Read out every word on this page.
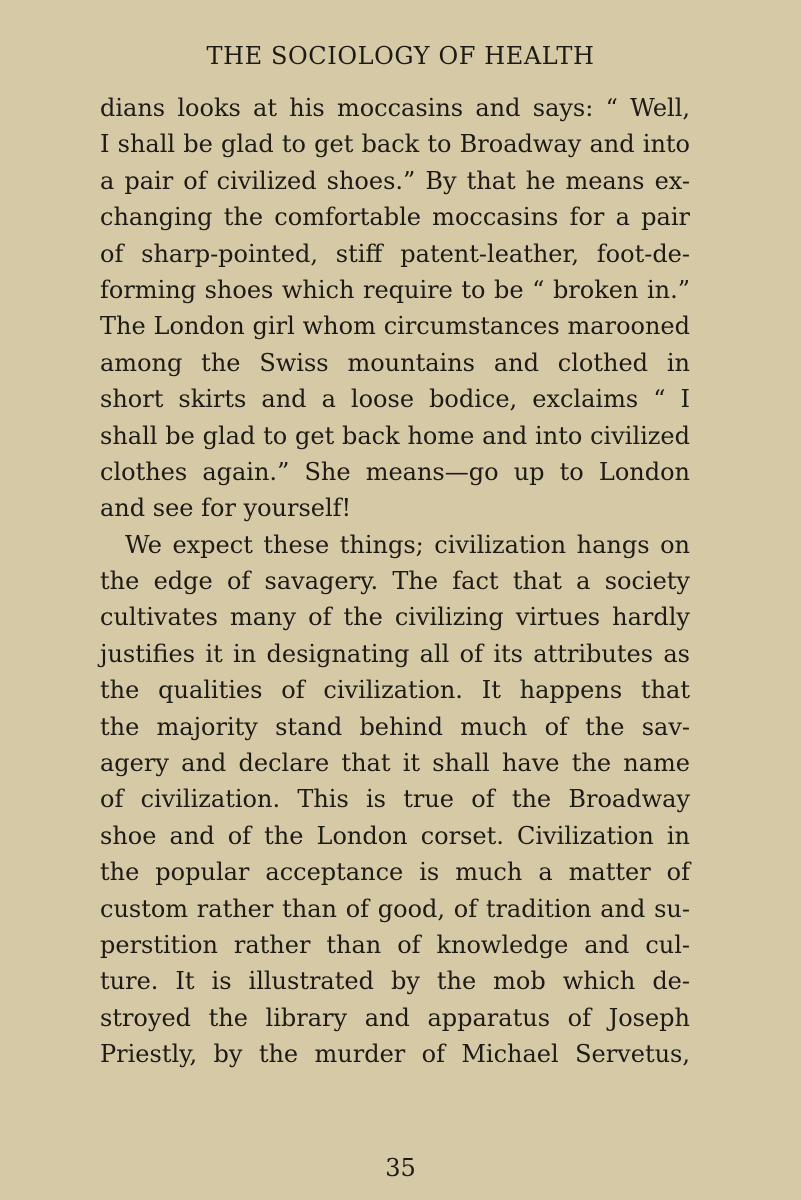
THE SOCIOLOGY OF HEALTH
dians looks at his moccasins and says: “ Well,
I shall be glad to get back to Broadway and into
a pair of civilized shoes.” By that he means ex-
changing the comfortable moccasins for a pair
of sharp-pointed, stiff patent-leather, foot-de-
forming shoes which require to be “ broken in.”
The London girl whom circumstances marooned
among the Swiss mountains and clothed in
short skirts and a loose bodice, exclaims “ I
shall be glad to get back home and into civilized
clothes again.” She means—go up to London
and see for yourself!
We expect these things; civilization hangs on
the edge of savagery. The fact that a society
cultivates many of the civilizing virtues hardly
justifies it in designating all of its attributes as
the qualities of civilization. It happens that
the majority stand behind much of the sav-
agery and declare that it shall have the name
of civilization. This is true of the Broadway
shoe and of the London corset. Civilization in
the popular acceptance is much a matter of
custom rather than of good, of tradition and su-
perstition rather than of knowledge and cul-
ture. It is illustrated by the mob which de-
stroyed the library and apparatus of Joseph
Priestly, by the murder of Michael Servetus,
35
